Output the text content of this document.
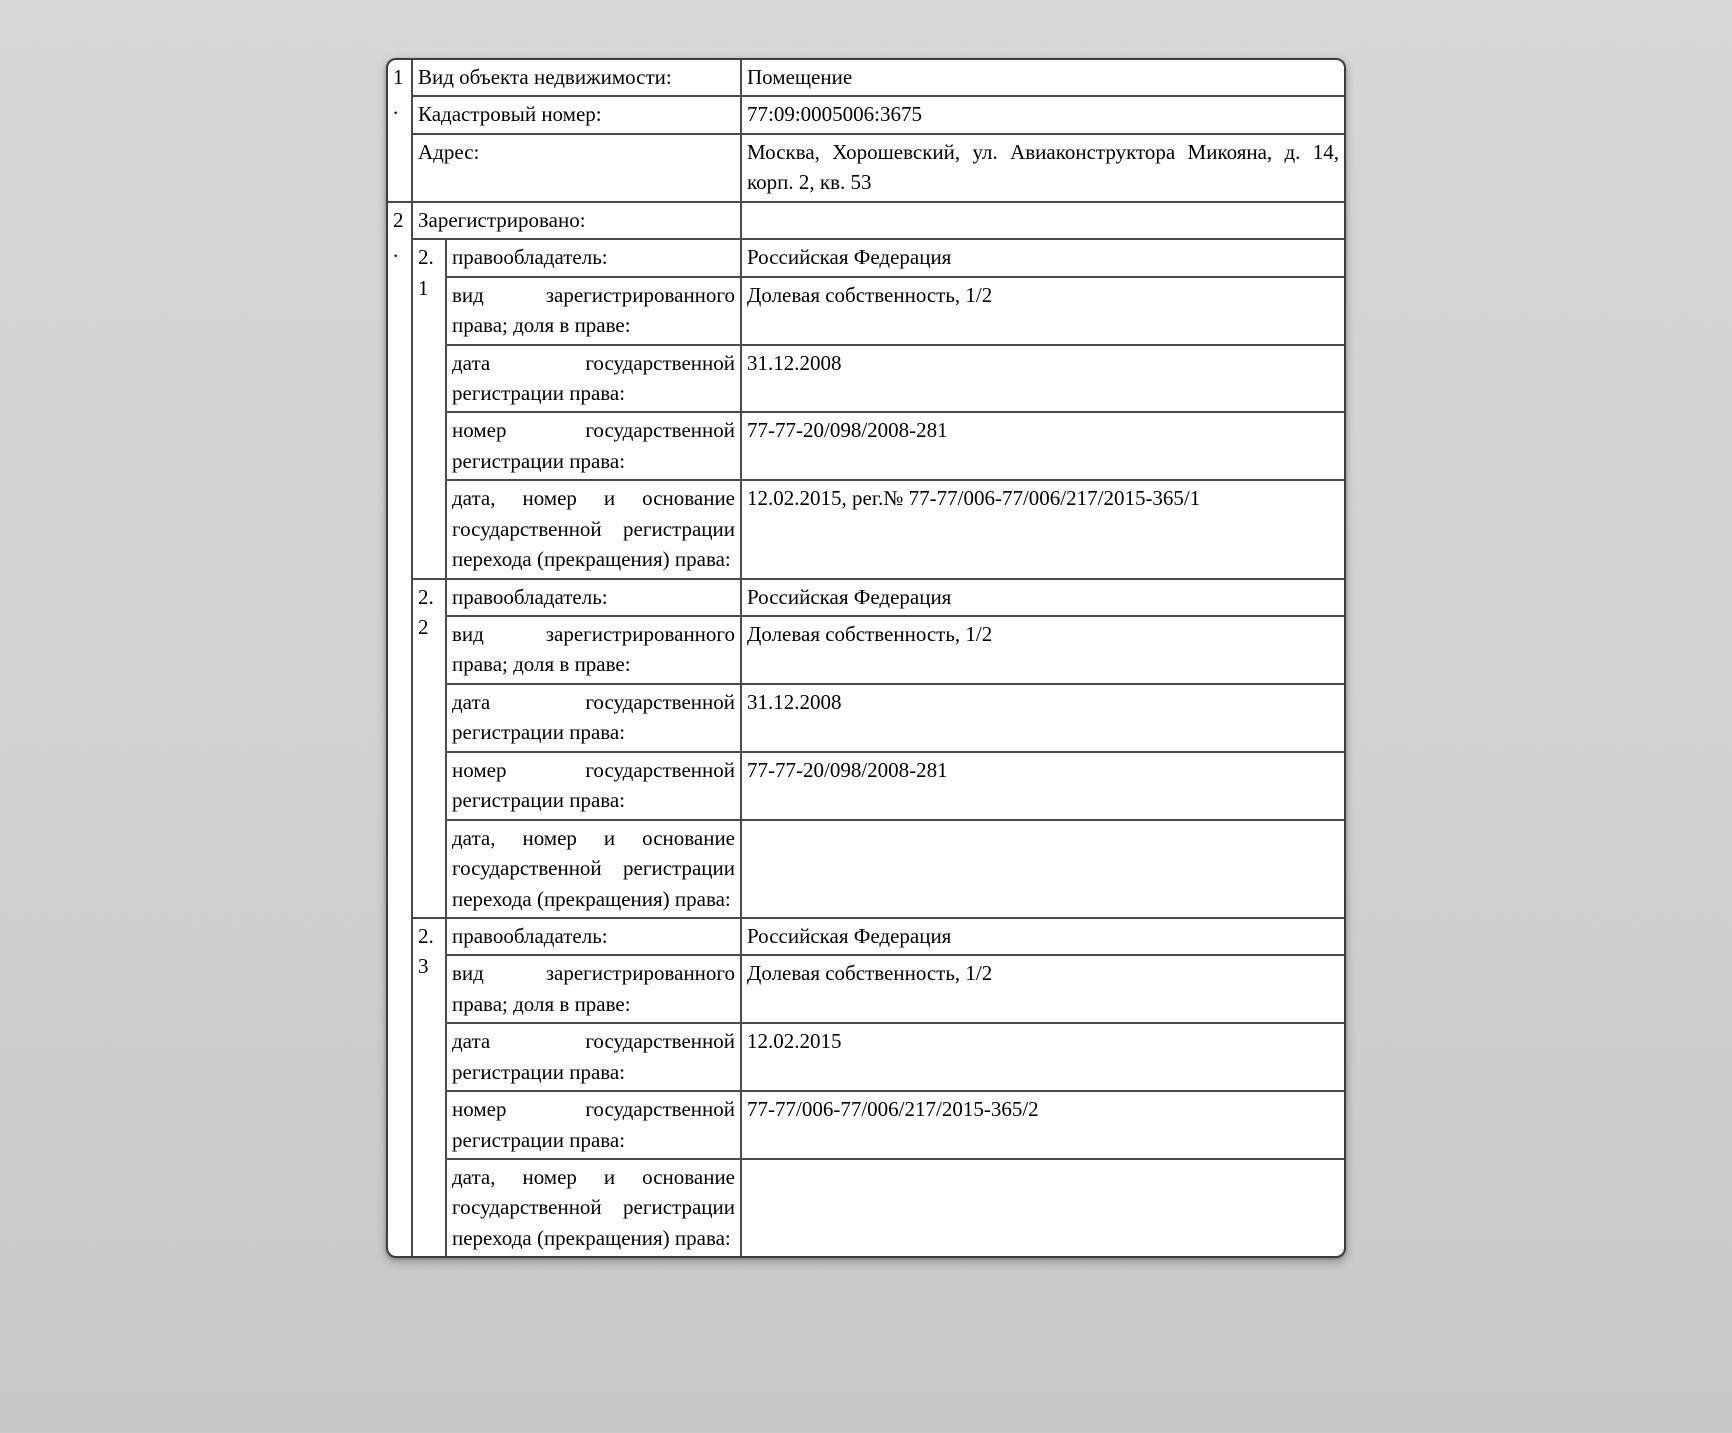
1.	Вид объекта недвижимости:		Помещение
	Кадастровый номер:		77:09:0005006:3675
	Адрес:		Москва, Хорошевский, ул. Авиаконструктора Микояна, д. 14, корп. 2, кв. 53
2.	Зарегистрировано:		
	2.1	правообладатель:	Российская Федерация
		вид зарегистрированного права; доля в праве:	Долевая собственность, 1/2
		дата государственной регистрации права:	31.12.2008
		номер государственной регистрации права:	77-77-20/098/2008-281
		дата, номер и основание государственной регистрации перехода (прекращения) права:	12.02.2015, рег.№ 77-77/006-77/006/217/2015-365/1
	2.2	правообладатель:	Российская Федерация
		вид зарегистрированного права; доля в праве:	Долевая собственность, 1/2
		дата государственной регистрации права:	31.12.2008
		номер государственной регистрации права:	77-77-20/098/2008-281
		дата, номер и основание государственной регистрации перехода (прекращения) права:	
	2.3	правообладатель:	Российская Федерация
		вид зарегистрированного права; доля в праве:	Долевая собственность, 1/2
		дата государственной регистрации права:	12.02.2015
		номер государственной регистрации права:	77-77/006-77/006/217/2015-365/2
		дата, номер и основание государственной регистрации перехода (прекращения) права:	
